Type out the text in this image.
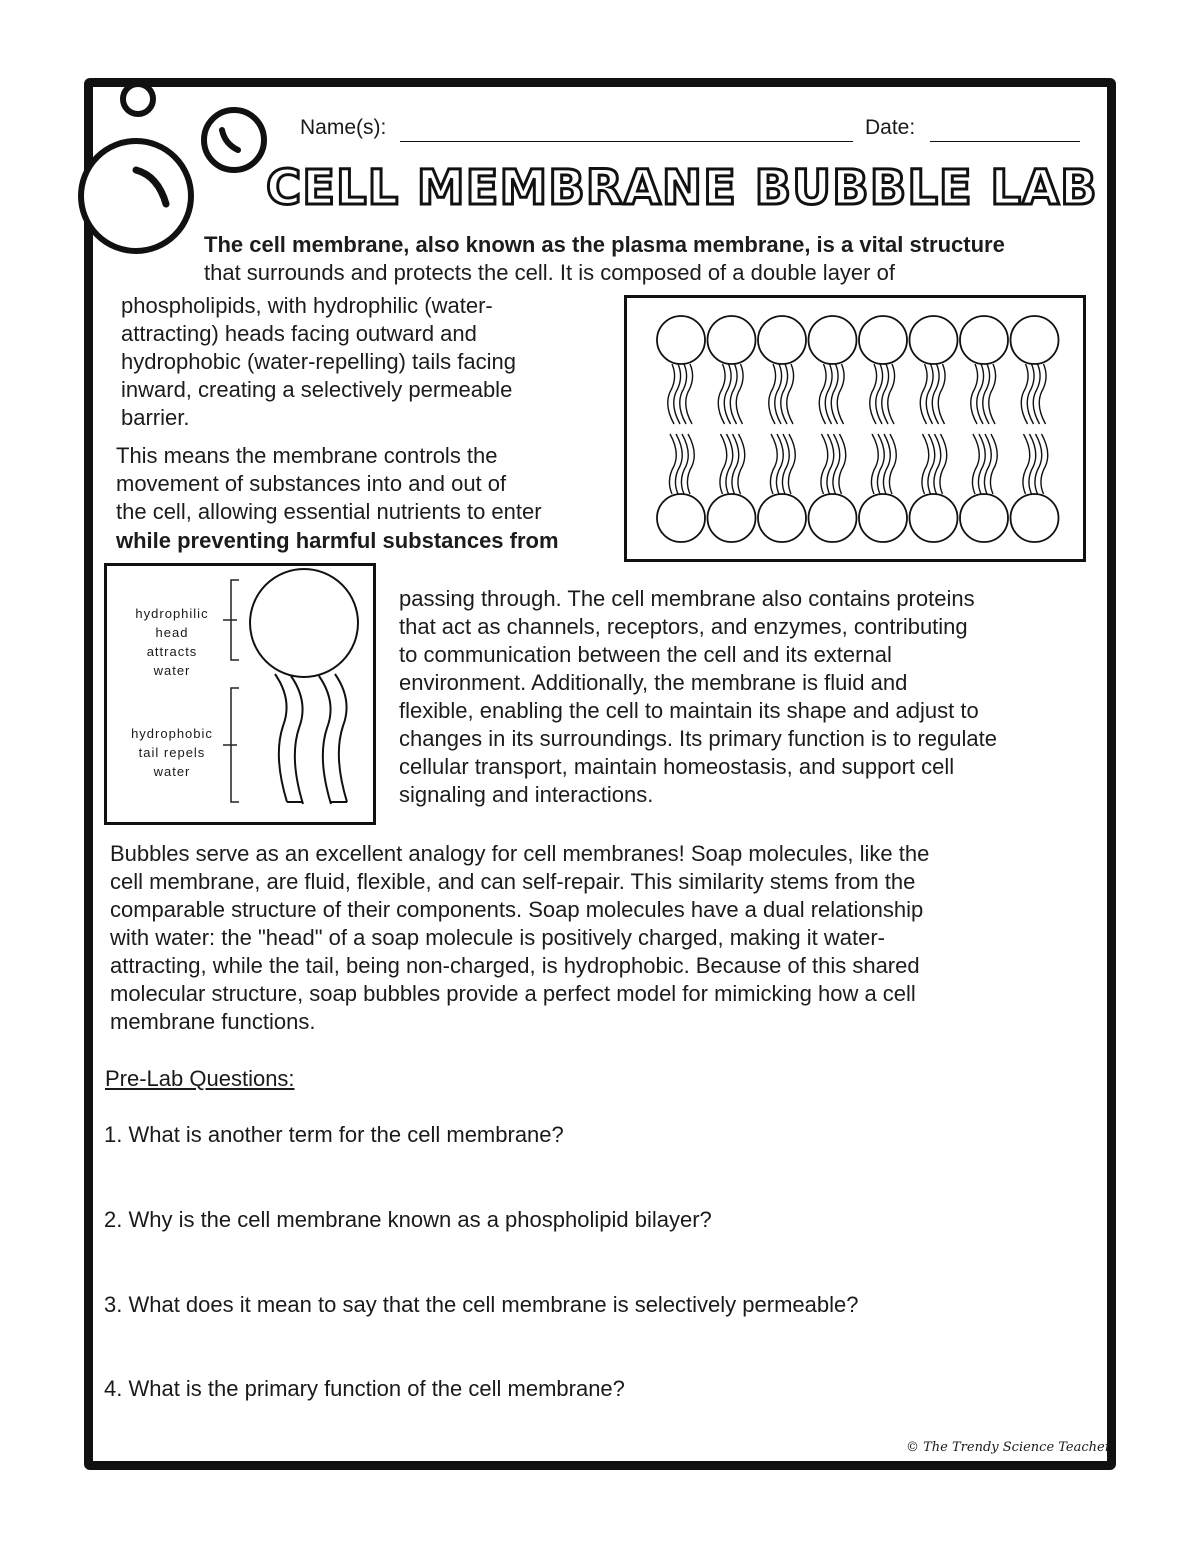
Name(s):	Date:
CELL MEMBRANE BUBBLE LAB
The cell membrane, also known as the plasma membrane, is a vital structure
that surrounds and protects the cell. It is composed of a double layer of
phospholipids, with hydrophilic (water-
attracting) heads facing outward and
hydrophobic (water-repelling) tails facing
inward, creating a selectively permeable
barrier.
This means the membrane controls the
movement of substances into and out of
the cell, allowing essential nutrients to enter
while preventing harmful substances from
hydrophilic
head
attracts
water
hydrophobic
tail repels
water
passing through. The cell membrane also contains proteins
that act as channels, receptors, and enzymes, contributing
to communication between the cell and its external
environment. Additionally, the membrane is fluid and
flexible, enabling the cell to maintain its shape and adjust to
changes in its surroundings. Its primary function is to regulate
cellular transport, maintain homeostasis, and support cell
signaling and interactions.
Bubbles serve as an excellent analogy for cell membranes! Soap molecules, like the
cell membrane, are fluid, flexible, and can self-repair. This similarity stems from the
comparable structure of their components. Soap molecules have a dual relationship
with water: the "head" of a soap molecule is positively charged, making it water-
attracting, while the tail, being non-charged, is hydrophobic. Because of this shared
molecular structure, soap bubbles provide a perfect model for mimicking how a cell
membrane functions.
Pre-Lab Questions:
1. What is another term for the cell membrane?
2. Why is the cell membrane known as a phospholipid bilayer?
3. What does it mean to say that the cell membrane is selectively permeable?
4. What is the primary function of the cell membrane?
© The Trendy Science Teacher
